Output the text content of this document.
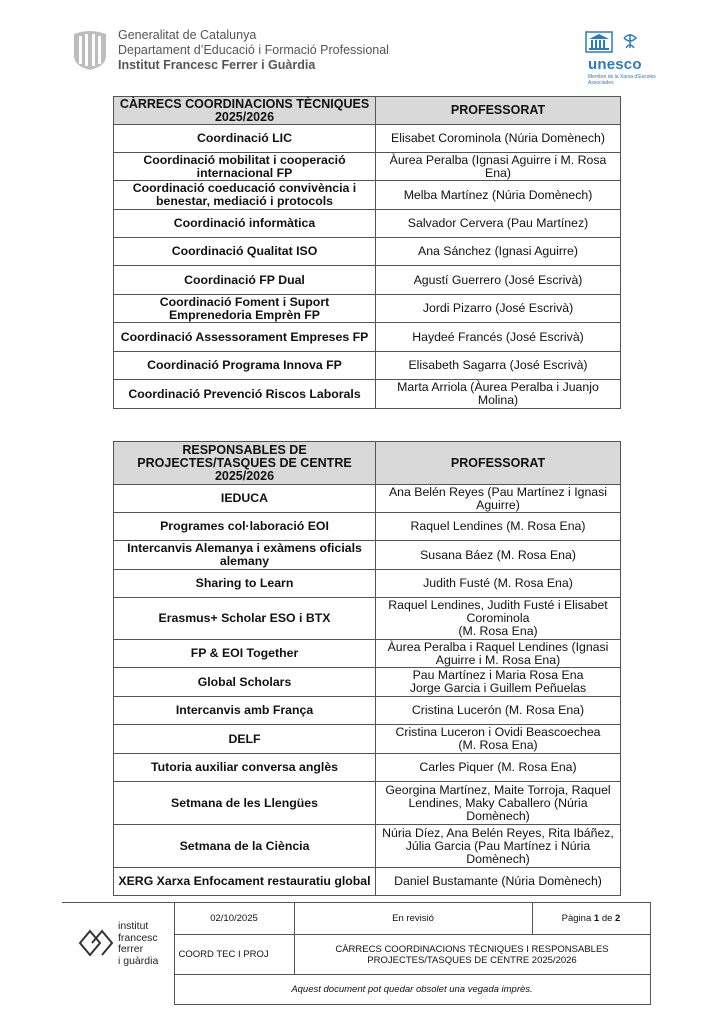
Generalitat de Catalunya
Departament d’Educació i Formació Professional
Institut Francesc Ferrer i Guàrdia	unesco
Membre de la Xarxa d’Escoles Associades
CÀRRECS COORDINACIONS TÈCNIQUES 2025/2026	PROFESSORAT
Coordinació LIC	Elisabet Corominola (Núria Domènech)
Coordinació mobilitat i cooperació internacional FP	Àurea Peralba (Ignasi Aguirre i M. Rosa Ena)
Coordinació coeducació convivència i benestar, mediació i protocols	Melba Martínez (Núria Domènech)
Coordinació informàtica	Salvador Cervera (Pau Martínez)
Coordinació Qualitat ISO	Ana Sánchez (Ignasi Aguirre)
Coordinació FP Dual	Agustí Guerrero (José Escrivà)
Coordinació Foment i Suport Emprenedoria Emprèn FP	Jordi Pizarro (José Escrivà)
Coordinació Assessorament Empreses FP	Haydeé Francés (José Escrivà)
Coordinació Programa Innova FP	Elisabeth Sagarra (José Escrivà)
Coordinació Prevenció Riscos Laborals	Marta Arriola (Àurea Peralba i Juanjo Molina)
RESPONSABLES DE PROJECTES/TASQUES DE CENTRE 2025/2026	PROFESSORAT
IEDUCA	Ana Belén Reyes (Pau Martínez i Ignasi Aguirre)
Programes col·laboració EOI	Raquel Lendines (M. Rosa Ena)
Intercanvis Alemanya i exàmens oficials alemany	Susana Báez (M. Rosa Ena)
Sharing to Learn	Judith Fusté (M. Rosa Ena)
Erasmus+ Scholar ESO i BTX	Raquel Lendines, Judith Fusté i Elisabet Corominola
(M. Rosa Ena)
FP & EOI Together	Àurea Peralba i Raquel Lendines (Ignasi Aguirre i M. Rosa Ena)
Global Scholars	Pau Martínez i Maria Rosa Ena
Jorge Garcia i Guillem Peñuelas
Intercanvis amb França	Cristina Lucerón (M. Rosa Ena)
DELF	Cristina Luceron i Ovidi Beascoechea
(M. Rosa Ena)
Tutoria auxiliar conversa anglès	Carles Piquer (M. Rosa Ena)
Setmana de les Llengües	Georgina Martínez, Maite Torroja, Raquel Lendines, Maky Caballero (Núria Domènech)
Setmana de la Ciència	Núria Díez, Ana Belén Reyes, Rita Ibáñez, Júlia Garcia (Pau Martínez i Núria Domènech)
XERG Xarxa Enfocament restauratiu global	Daniel Bustamante (Núria Domènech)
institut
francesc
ferrer
i guàrdia	02/10/2025	En revisió	Pàgina 1 de 2
	COORD TEC I PROJ	CÀRRECS COORDINACIONS TÈCNIQUES I RESPONSABLES PROJECTES/TASQUES DE CENTRE 2025/2026	
	Aquest document pot quedar obsolet una vegada imprès.		
